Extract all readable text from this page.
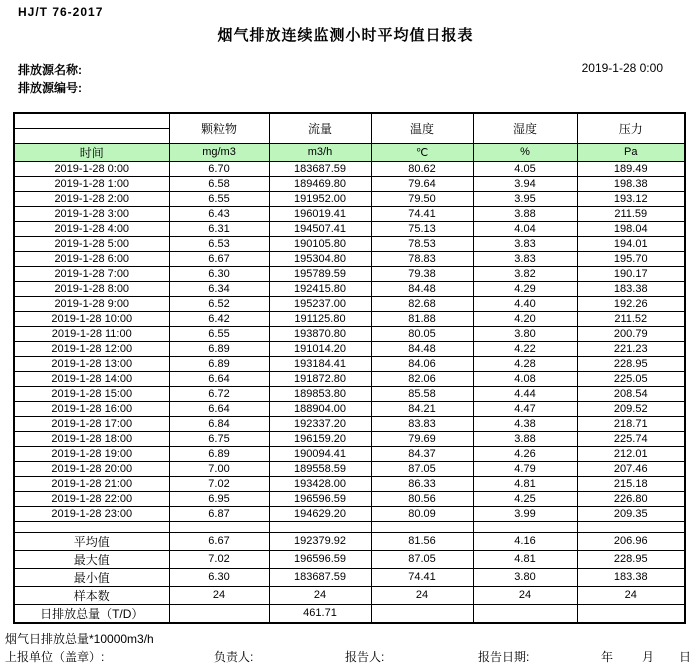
HJ/T 76-2017
烟气排放连续监测小时平均值日报表
排放源名称:
排放源编号:
2019-1-28 0:00
	颗粒物	流量	温度	湿度	压力

时间	mg/m3	m3/h	℃	%	Pa
2019-1-28 0:00	6.70	183687.59	80.62	4.05	189.49
2019-1-28 1:00	6.58	189469.80	79.64	3.94	198.38
2019-1-28 2:00	6.55	191952.00	79.50	3.95	193.12
2019-1-28 3:00	6.43	196019.41	74.41	3.88	211.59
2019-1-28 4:00	6.31	194507.41	75.13	4.04	198.04
2019-1-28 5:00	6.53	190105.80	78.53	3.83	194.01
2019-1-28 6:00	6.67	195304.80	78.83	3.83	195.70
2019-1-28 7:00	6.30	195789.59	79.38	3.82	190.17
2019-1-28 8:00	6.34	192415.80	84.48	4.29	183.38
2019-1-28 9:00	6.52	195237.00	82.68	4.40	192.26
2019-1-28 10:00	6.42	191125.80	81.88	4.20	211.52
2019-1-28 11:00	6.55	193870.80	80.05	3.80	200.79
2019-1-28 12:00	6.89	191014.20	84.48	4.22	221.23
2019-1-28 13:00	6.89	193184.41	84.06	4.28	228.95
2019-1-28 14:00	6.64	191872.80	82.06	4.08	225.05
2019-1-28 15:00	6.72	189853.80	85.58	4.44	208.54
2019-1-28 16:00	6.64	188904.00	84.21	4.47	209.52
2019-1-28 17:00	6.84	192337.20	83.83	4.38	218.71
2019-1-28 18:00	6.75	196159.20	79.69	3.88	225.74
2019-1-28 19:00	6.89	190094.41	84.37	4.26	212.01
2019-1-28 20:00	7.00	189558.59	87.05	4.79	207.46
2019-1-28 21:00	7.02	193428.00	86.33	4.81	215.18
2019-1-28 22:00	6.95	196596.59	80.56	4.25	226.80
2019-1-28 23:00	6.87	194629.20	80.09	3.99	209.35

平均值	6.67	192379.92	81.56	4.16	206.96
最大值	7.02	196596.59	87.05	4.81	228.95
最小值	6.30	183687.59	74.41	3.80	183.38
样本数	24	24	24	24	24
日排放总量（T/D）		461.71			
烟气日排放总量*10000m3/h
上报单位（盖章）:	负责人:	报告人:	报告日期:	年 月 日
